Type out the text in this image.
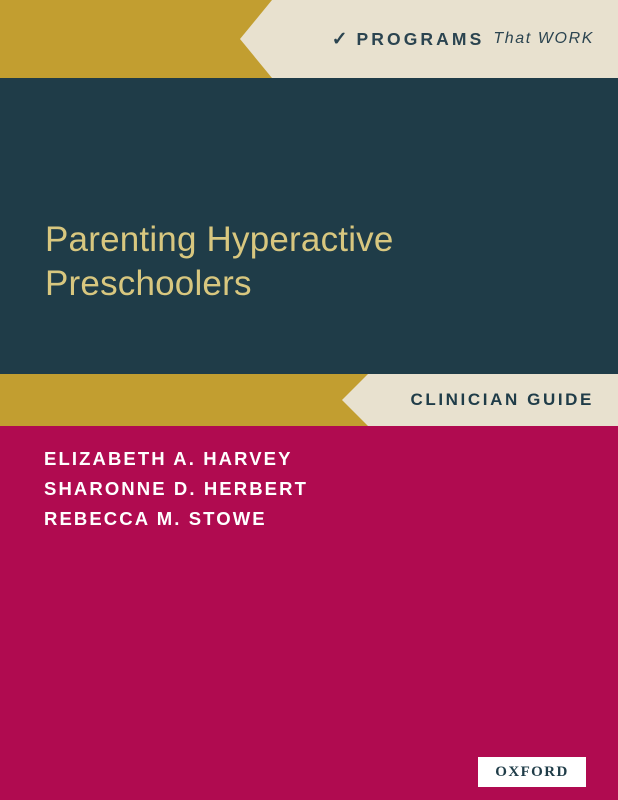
✓ PROGRAMS That WORK
Parenting Hyperactive Preschoolers
CLINICIAN GUIDE
ELIZABETH A. HARVEY
SHARONNE D. HERBERT
REBECCA M. STOWE
OXFORD
